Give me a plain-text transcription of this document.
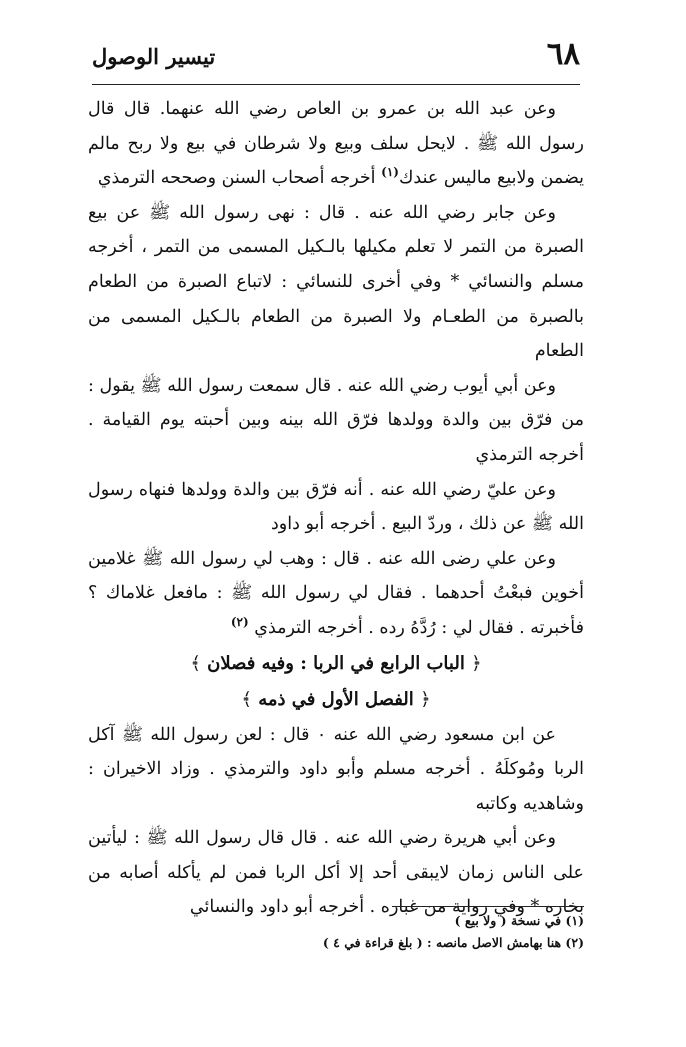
٦٨
تيسير الوصول

وعن عبد الله بن عمرو بن العاص رضي الله عنهما. قال قال رسول الله ﷺ . لايحل سلف وبيع ولا شرطان في بيع ولا ربح مالم يضمن ولابيع ماليس عندك$^{(١)}$ أخرجه أصحاب السنن وصححه الترمذي

وعن جابر رضي الله عنه . قال : نهى رسول الله ﷺ عن بيع الصبرة من التمر لا تعلم مكيلها بالـكيل المسمى من التمر ، أخرجه مسلم والنسائي * وفي أخرى للنسائي : لاتباع الصبرة من الطعام بالصبرة من الطعـام ولا الصبرة من الطعام بالـكيل المسمى من الطعام

وعن أبي أيوب رضي الله عنه . قال سمعت رسول الله ﷺ يقول : من فرّق بين والدة وولدها فرّق الله بينه وبين أحبته يوم القيامة . أخرجه الترمذي

وعن عليّ رضي الله عنه . أنه فرّق بين والدة وولدها فنهاه رسول الله ﷺ عن ذلك ، وردّ البيع . أخرجه أبو داود

وعن علي رضى الله عنه . قال : وهب لي رسول الله ﷺ غلامين أخوين فبعْتُ أحدهما . فقال لي رسول الله ﷺ : مافعل غلاماك ؟ فأخبرته . فقال لي : رُدَّهُ رده . أخرجه الترمذي $^{(٢)}$

﴿ الباب الرابع في الربا : وفيه فصلان ﴾

﴿ الفصل الأول في ذمه ﴾

عن ابن مسعود رضي الله عنه ٠ قال : لعن رسول الله ﷺ آكل الربا ومُوكلَهُ . أخرجه مسلم وأبو داود والترمذي . وزاد الاخيران : وشاهديه وكاتبه

وعن أبي هريرة رضي الله عنه . قال قال رسول الله ﷺ : ليأتين على الناس زمان لايبقى أحد إلا أكل الربا فمن لم يأكله أصابه من بخاره * وفي رواية من غباره . أخرجه أبو داود والنسائي

(١) في نسخة ( ولا بيع )

(٢) هنا بهامش الاصل مانصه : ( بلغ قراءة في ٤ )
